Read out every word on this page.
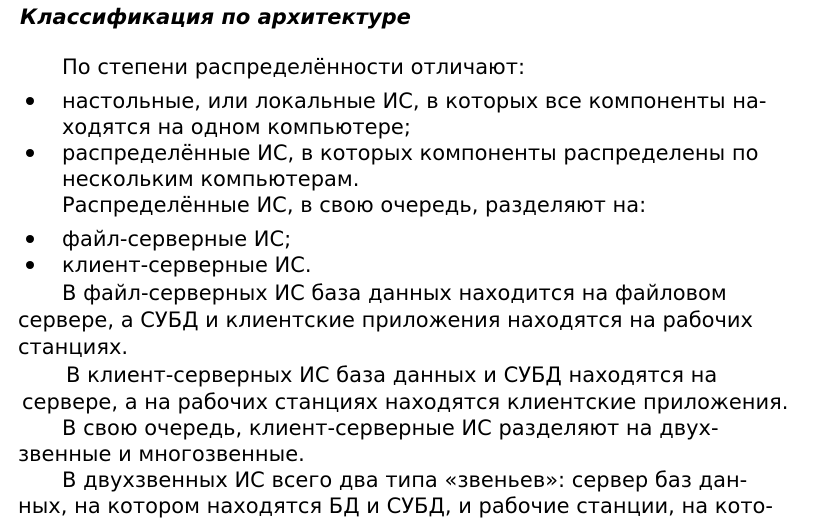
Классификация по архитектуре
По степени распределённости отличают:
настольные, или локальные ИС, в которых все компоненты на-
ходятся на одном компьютере;
распределённые ИС, в которых компоненты распределены по
нескольким компьютерам.
Распределённые ИС, в свою очередь, разделяют на:
файл-серверные ИС;
клиент-серверные ИС.
В файл-серверных ИС база данных находится на файловом
сервере, а СУБД и клиентские приложения находятся на рабочих
станциях.
В клиент-серверных ИС база данных и СУБД находятся на
сервере, а на рабочих станциях находятся клиентские приложения.
В свою очередь, клиент-серверные ИС разделяют на двух-
звенные и многозвенные.
В двухзвенных ИС всего два типа «звеньев»: сервер баз дан-
ных, на котором находятся БД и СУБД, и рабочие станции, на кото-
